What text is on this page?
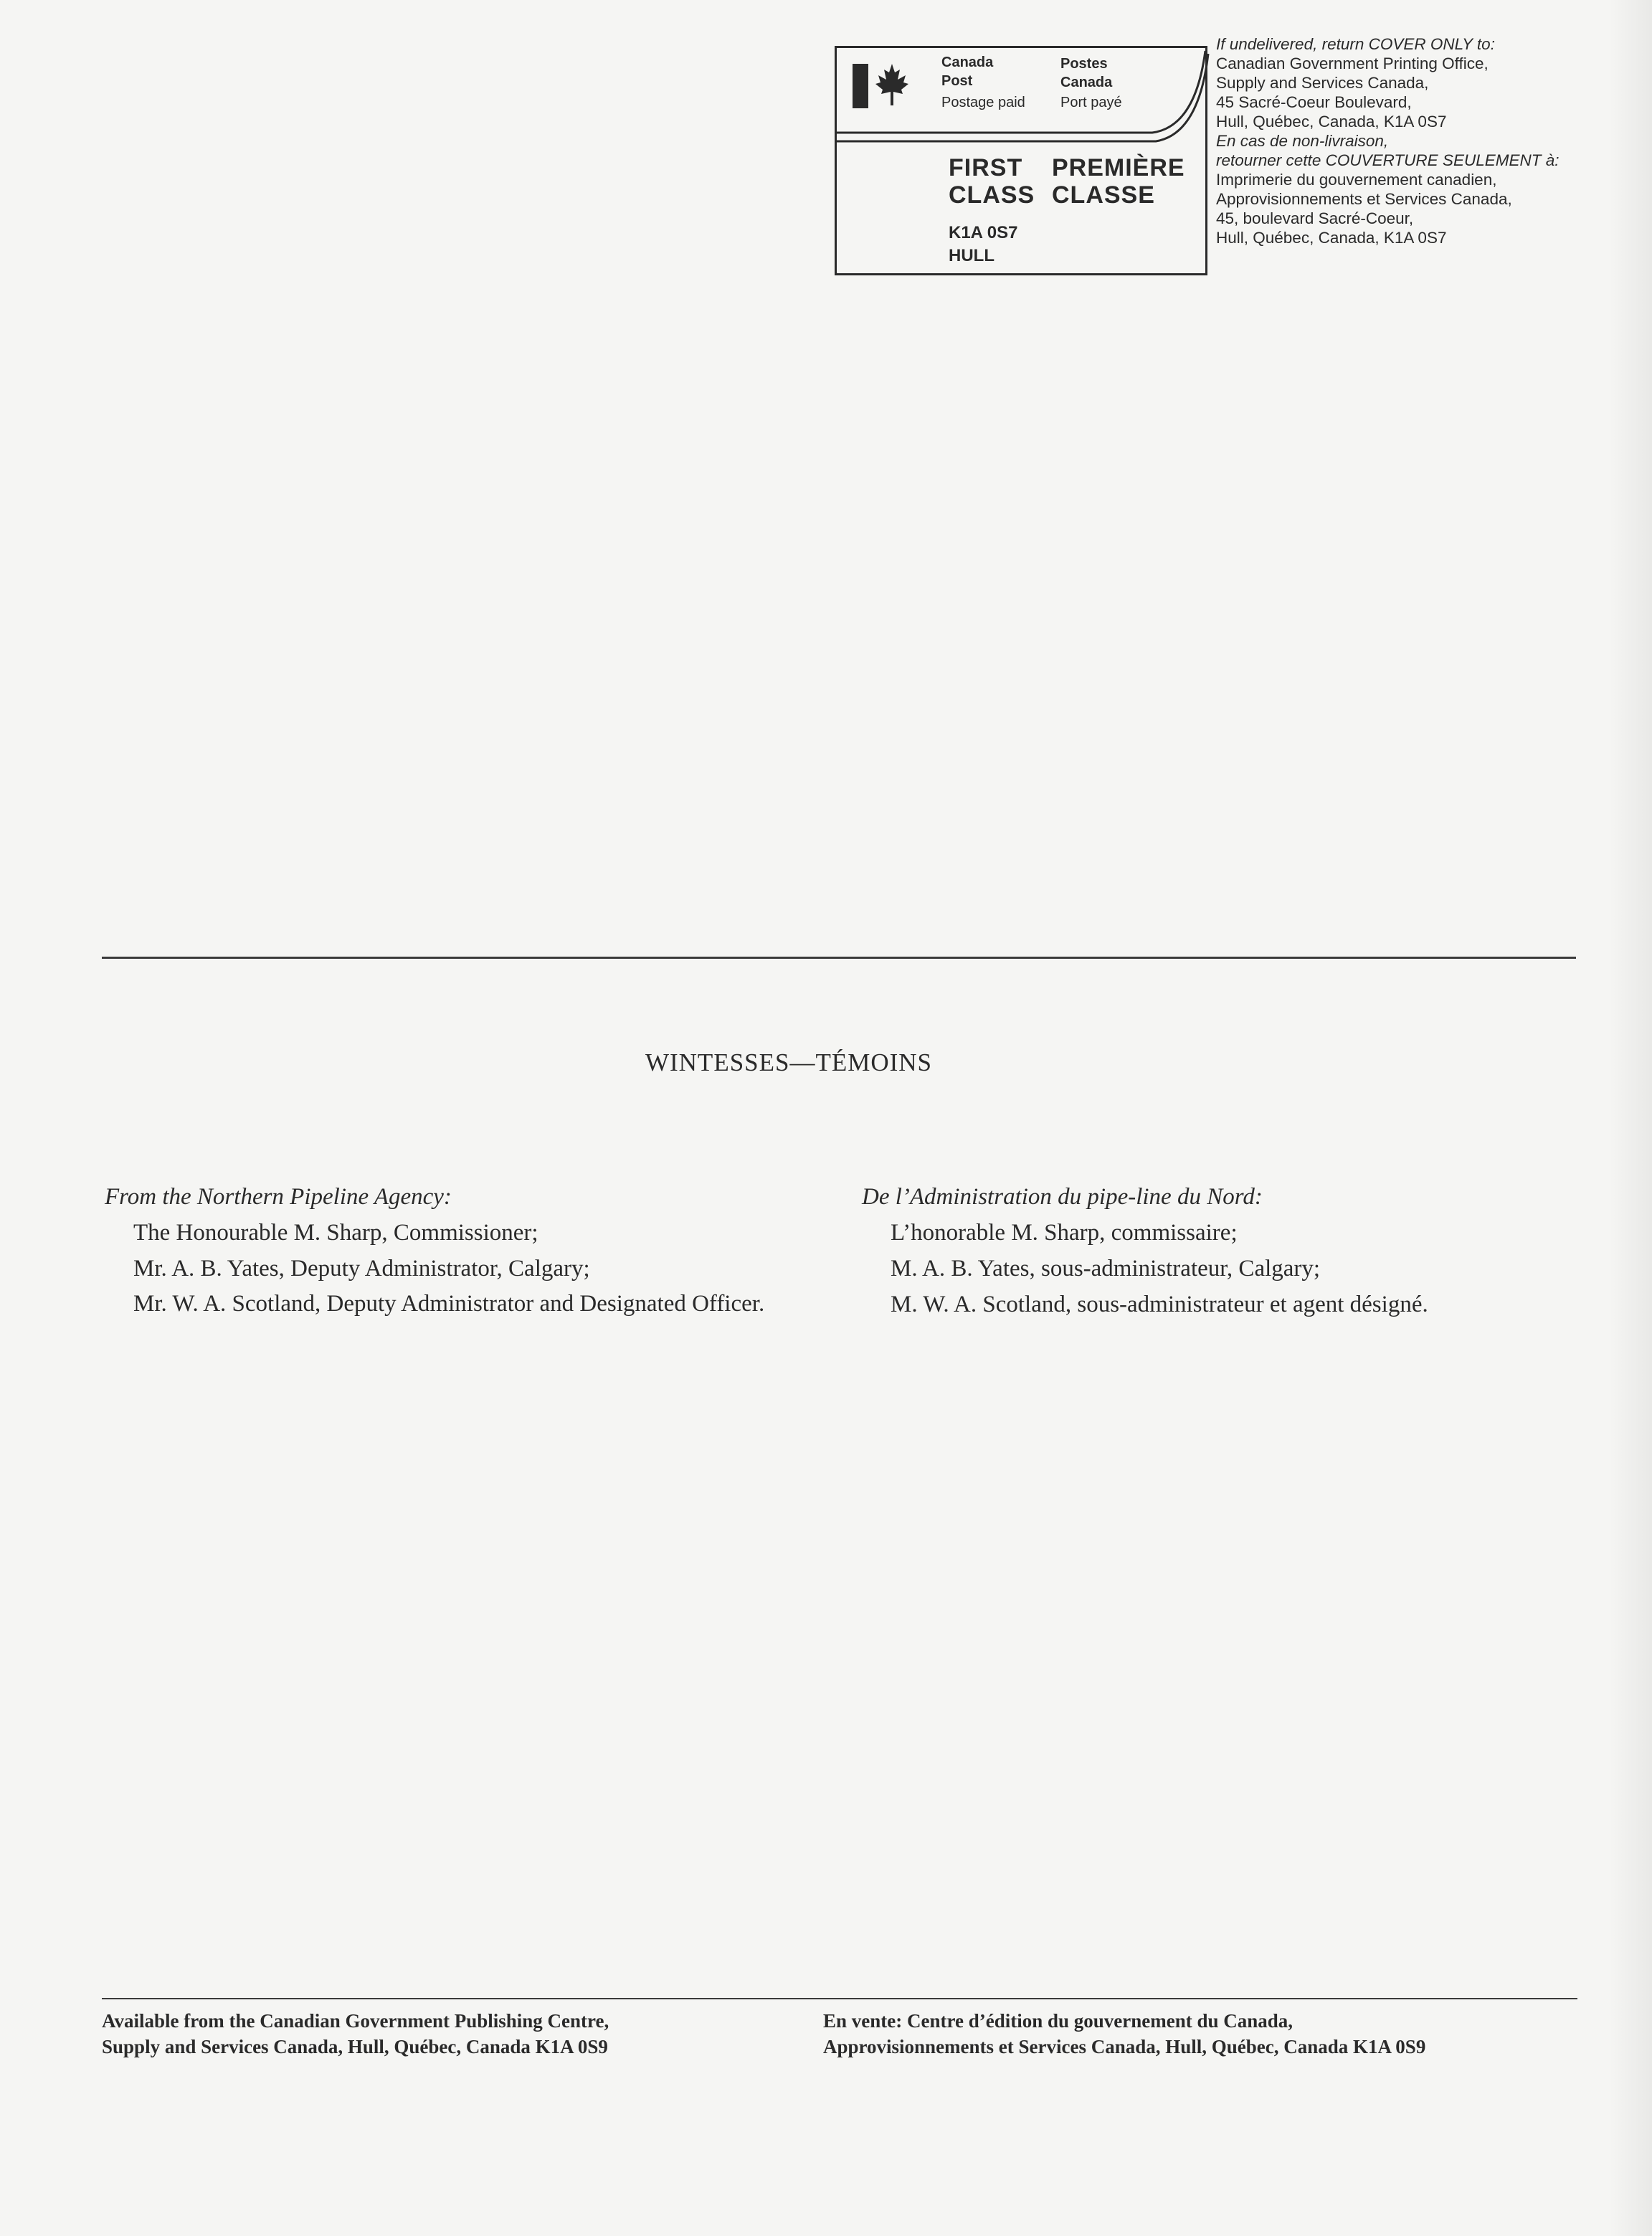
Canada
Post
Postage paid
Postes
Canada
Port payé
FIRST
CLASS
PREMIÈRE
CLASSE
K1A 0S7
HULL
If undelivered, return COVER ONLY to:
Canadian Government Printing Office,
Supply and Services Canada,
45 Sacré-Coeur Boulevard,
Hull, Québec, Canada, K1A 0S7
En cas de non-livraison,
retourner cette COUVERTURE SEULEMENT à:
Imprimerie du gouvernement canadien,
Approvisionnements et Services Canada,
45, boulevard Sacré-Coeur,
Hull, Québec, Canada, K1A 0S7
WINTESSES—TÉMOINS
From the Northern Pipeline Agency:
The Honourable M. Sharp, Commissioner;
Mr. A. B. Yates, Deputy Administrator, Calgary;
Mr. W. A. Scotland, Deputy Administrator and Designated Officer.
De l’Administration du pipe-line du Nord:
L’honorable M. Sharp, commissaire;
M. A. B. Yates, sous-administrateur, Calgary;
M. W. A. Scotland, sous-administrateur et agent désigné.
Available from the Canadian Government Publishing Centre,
Supply and Services Canada, Hull, Québec, Canada K1A 0S9
En vente: Centre d’édition du gouvernement du Canada,
Approvisionnements et Services Canada, Hull, Québec, Canada K1A 0S9
